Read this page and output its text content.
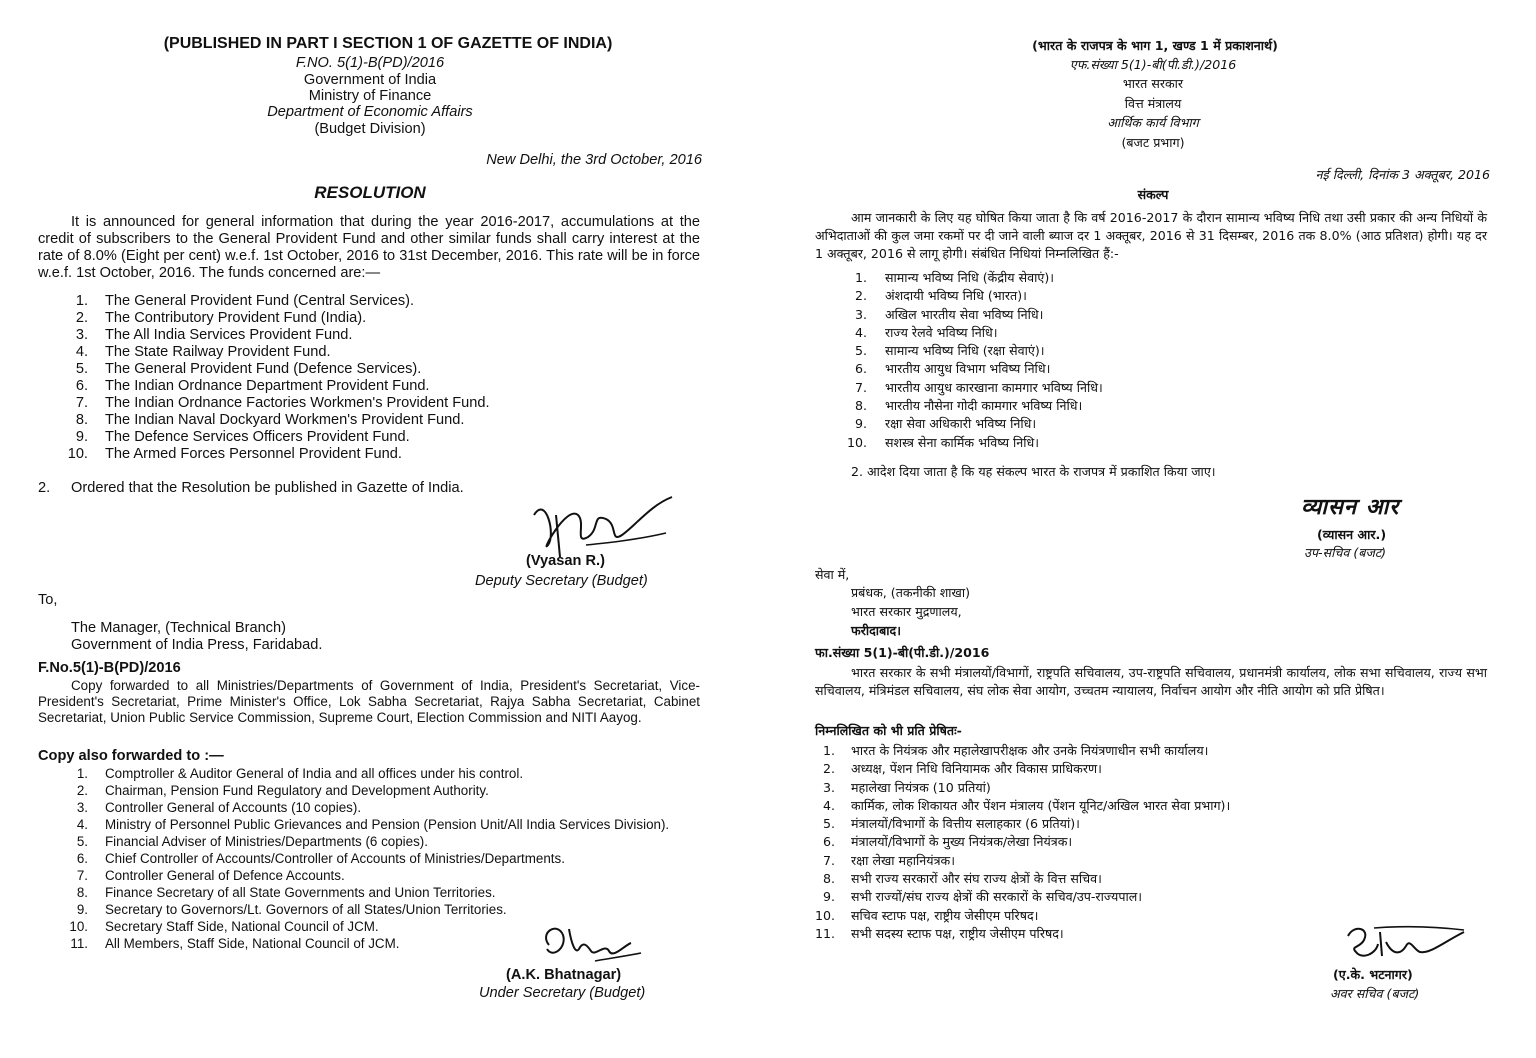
(PUBLISHED IN PART I SECTION 1 OF GAZETTE OF INDIA)
F.NO. 5(1)-B(PD)/2016
Government of India
Ministry of Finance
Department of Economic Affairs
(Budget Division)
New Delhi, the 3rd October, 2016
RESOLUTION
It is announced for general information that during the year 2016-2017, accumulations at the credit of subscribers to the General Provident Fund and other similar funds shall carry interest at the rate of 8.0% (Eight per cent) w.e.f. 1st October, 2016 to 31st December, 2016. This rate will be in force w.e.f. 1st October, 2016. The funds concerned are:—
1. The General Provident Fund (Central Services).
2. The Contributory Provident Fund (India).
3. The All India Services Provident Fund.
4. The State Railway Provident Fund.
5. The General Provident Fund (Defence Services).
6. The Indian Ordnance Department Provident Fund.
7. The Indian Ordnance Factories Workmen's Provident Fund.
8. The Indian Naval Dockyard Workmen's Provident Fund.
9. The Defence Services Officers Provident Fund.
10. The Armed Forces Personnel Provident Fund.
2. Ordered that the Resolution be published in Gazette of India.
(Vyasan R.)
Deputy Secretary (Budget)
To,
The Manager, (Technical Branch)
Government of India Press, Faridabad.
F.No.5(1)-B(PD)/2016
Copy forwarded to all Ministries/Departments of Government of India, President's Secretariat, Vice-President's Secretariat, Prime Minister's Office, Lok Sabha Secretariat, Rajya Sabha Secretariat, Cabinet Secretariat, Union Public Service Commission, Supreme Court, Election Commission and NITI Aayog.
Copy also forwarded to :—
1. Comptroller & Auditor General of India and all offices under his control.
2. Chairman, Pension Fund Regulatory and Development Authority.
3. Controller General of Accounts (10 copies).
4. Ministry of Personnel Public Grievances and Pension (Pension Unit/All India Services Division).
5. Financial Adviser of Ministries/Departments (6 copies).
6. Chief Controller of Accounts/Controller of Accounts of Ministries/Departments.
7. Controller General of Defence Accounts.
8. Finance Secretary of all State Governments and Union Territories.
9. Secretary to Governors/Lt. Governors of all States/Union Territories.
10. Secretary Staff Side, National Council of JCM.
11. All Members, Staff Side, National Council of JCM.
(A.K. Bhatnagar)
Under Secretary (Budget)
(भारत के राजपत्र के भाग 1, खण्ड 1 में प्रकाशनार्थ)
एफ.संख्या 5(1)-बी(पी.डी.)/2016
भारत सरकार
वित्त मंत्रालय
आर्थिक कार्य विभाग
(बजट प्रभाग)
नई दिल्ली, दिनांक 3 अक्तूबर, 2016
संकल्प
आम जानकारी के लिए यह घोषित किया जाता है कि वर्ष 2016-2017 के दौरान सामान्य भविष्य निधि तथा उसी प्रकार की अन्य निधियों के अभिदाताओं की कुल जमा रकमों पर दी जाने वाली ब्याज दर 1 अक्तूबर, 2016 से 31 दिसम्बर, 2016 तक 8.0% (आठ प्रतिशत) होगी। यह दर 1 अक्तूबर, 2016 से लागू होगी। संबंधित निधियां निम्नलिखित हैं:-
1. सामान्य भविष्य निधि (केंद्रीय सेवाएं)।
2. अंशदायी भविष्य निधि (भारत)।
3. अखिल भारतीय सेवा भविष्य निधि।
4. राज्य रेलवे भविष्य निधि।
5. सामान्य भविष्य निधि (रक्षा सेवाएं)।
6. भारतीय आयुध विभाग भविष्य निधि।
7. भारतीय आयुध कारखाना कामगार भविष्य निधि।
8. भारतीय नौसेना गोदी कामगार भविष्य निधि।
9. रक्षा सेवा अधिकारी भविष्य निधि।
10. सशस्त्र सेना कार्मिक भविष्य निधि।
2. आदेश दिया जाता है कि यह संकल्प भारत के राजपत्र में प्रकाशित किया जाए।
व्यासन आर
(व्यासन आर.)
उप-सचिव (बजट)
सेवा में,
प्रबंधक, (तकनीकी शाखा)
भारत सरकार मुद्रणालय,
फरीदाबाद।
फा.संख्या 5(1)-बी(पी.डी.)/2016
भारत सरकार के सभी मंत्रालयों/विभागों, राष्ट्रपति सचिवालय, उप-राष्ट्रपति सचिवालय, प्रधानमंत्री कार्यालय, लोक सभा सचिवालय, राज्य सभा सचिवालय, मंत्रिमंडल सचिवालय, संघ लोक सेवा आयोग, उच्चतम न्यायालय, निर्वाचन आयोग और नीति आयोग को प्रति प्रेषित।
निम्नलिखित को भी प्रति प्रेषितः-
1. भारत के नियंत्रक और महालेखापरीक्षक और उनके नियंत्रणाधीन सभी कार्यालय।
2. अध्यक्ष, पेंशन निधि विनियामक और विकास प्राधिकरण।
3. महालेखा नियंत्रक (10 प्रतियां)
4. कार्मिक, लोक शिकायत और पेंशन मंत्रालय (पेंशन यूनिट/अखिल भारत सेवा प्रभाग)।
5. मंत्रालयों/विभागों के वित्तीय सलाहकार (6 प्रतियां)।
6. मंत्रालयों/विभागों के मुख्य नियंत्रक/लेखा नियंत्रक।
7. रक्षा लेखा महानियंत्रक।
8. सभी राज्य सरकारों और संघ राज्य क्षेत्रों के वित्त सचिव।
9. सभी राज्यों/संघ राज्य क्षेत्रों की सरकारों के सचिव/उप-राज्यपाल।
10. सचिव स्टाफ पक्ष, राष्ट्रीय जेसीएम परिषद।
11. सभी सदस्य स्टाफ पक्ष, राष्ट्रीय जेसीएम परिषद।
(ए.के. भटनागर)
अवर सचिव (बजट)
